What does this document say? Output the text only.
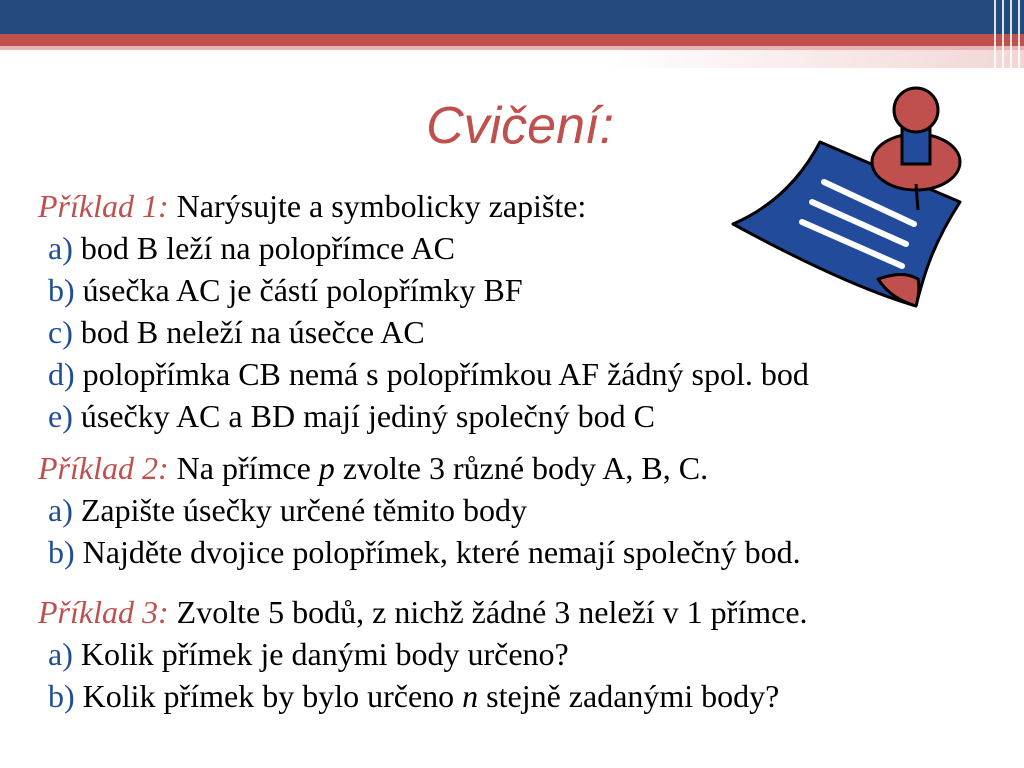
Cvičení:
Příklad 1: Narýsujte a symbolicky zapište:
a) bod B leží na polopřímce AC
b) úsečka AC je částí polopřímky BF
c) bod B neleží na úsečce AC
d) polopřímka CB nemá s polopřímkou AF žádný spol. bod
e) úsečky AC a BD mají jediný společný bod C
Příklad 2: Na přímce p zvolte 3 různé body A, B, C.
a) Zapište úsečky určené těmito body
b) Najděte dvojice polopřímek, které nemají společný bod.
Příklad 3: Zvolte 5 bodů, z nichž žádné 3 neleží v 1 přímce.
a) Kolik přímek je danými body určeno?
b) Kolik přímek by bylo určeno n stejně zadanými body?
